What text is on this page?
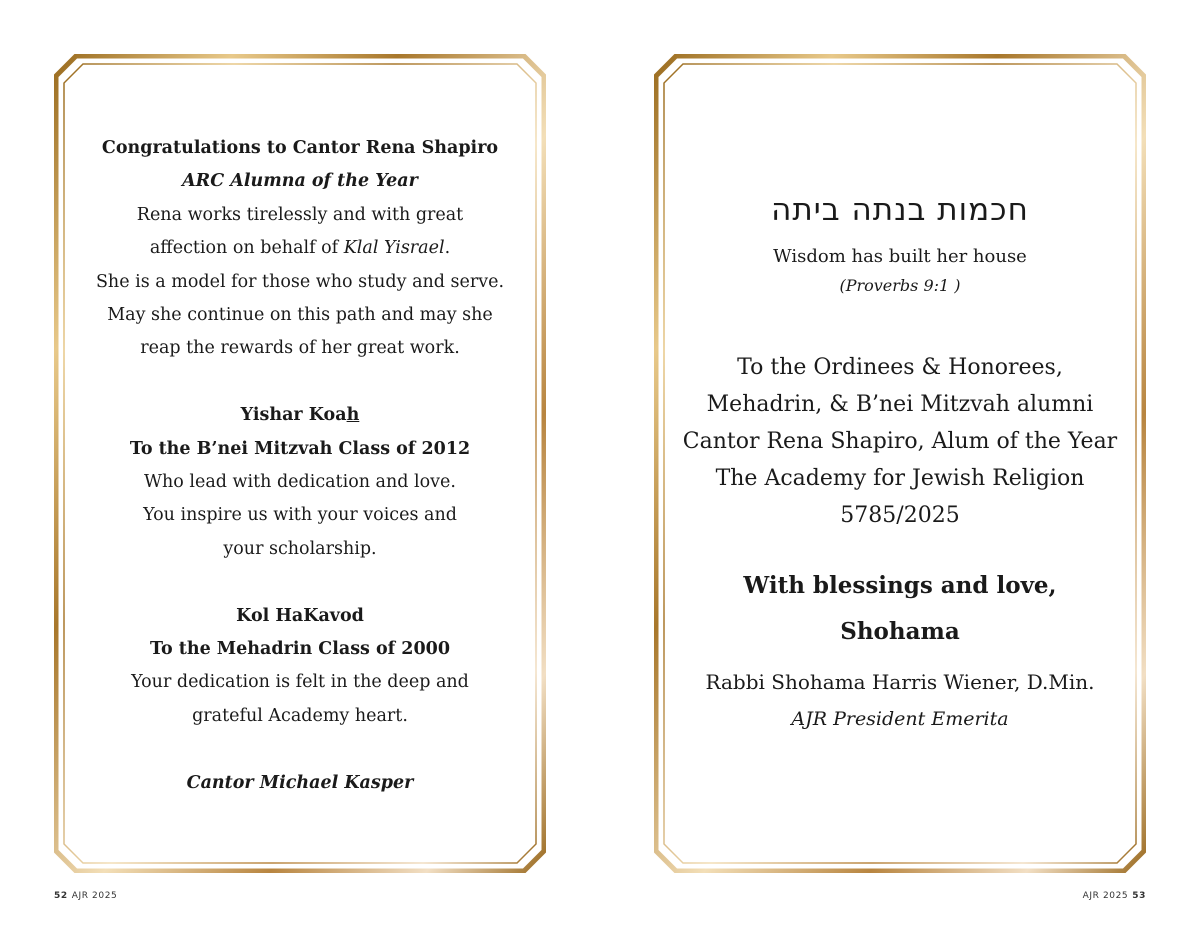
Congratulations to Cantor Rena Shapiro

ARC Alumna of the Year

Rena works tirelessly and with great

affection on behalf of Klal Yisrael.

She is a model for those who study and serve.

May she continue on this path and may she

reap the rewards of her great work.

Yishar Koah

To the B’nei Mitzvah Class of 2012

Who lead with dedication and love.

You inspire us with your voices and

your scholarship.

Kol HaKavod

To the Mehadrin Class of 2000

Your dedication is felt in the deep and

grateful Academy heart.

Cantor Michael Kasper

חכמות בנתה ביתה
Wisdom has built her house
(Proverbs 9:1 )
To the Ordinees & Honorees,
Mehadrin, & B’nei Mitzvah alumni
Cantor Rena Shapiro, Alum of the Year
The Academy for Jewish Religion
5785/2025
With blessings and love,
Shohama
Rabbi Shohama Harris Wiener, D.Min.
AJR President Emerita
52 AJR 2025	AJR 2025 53
